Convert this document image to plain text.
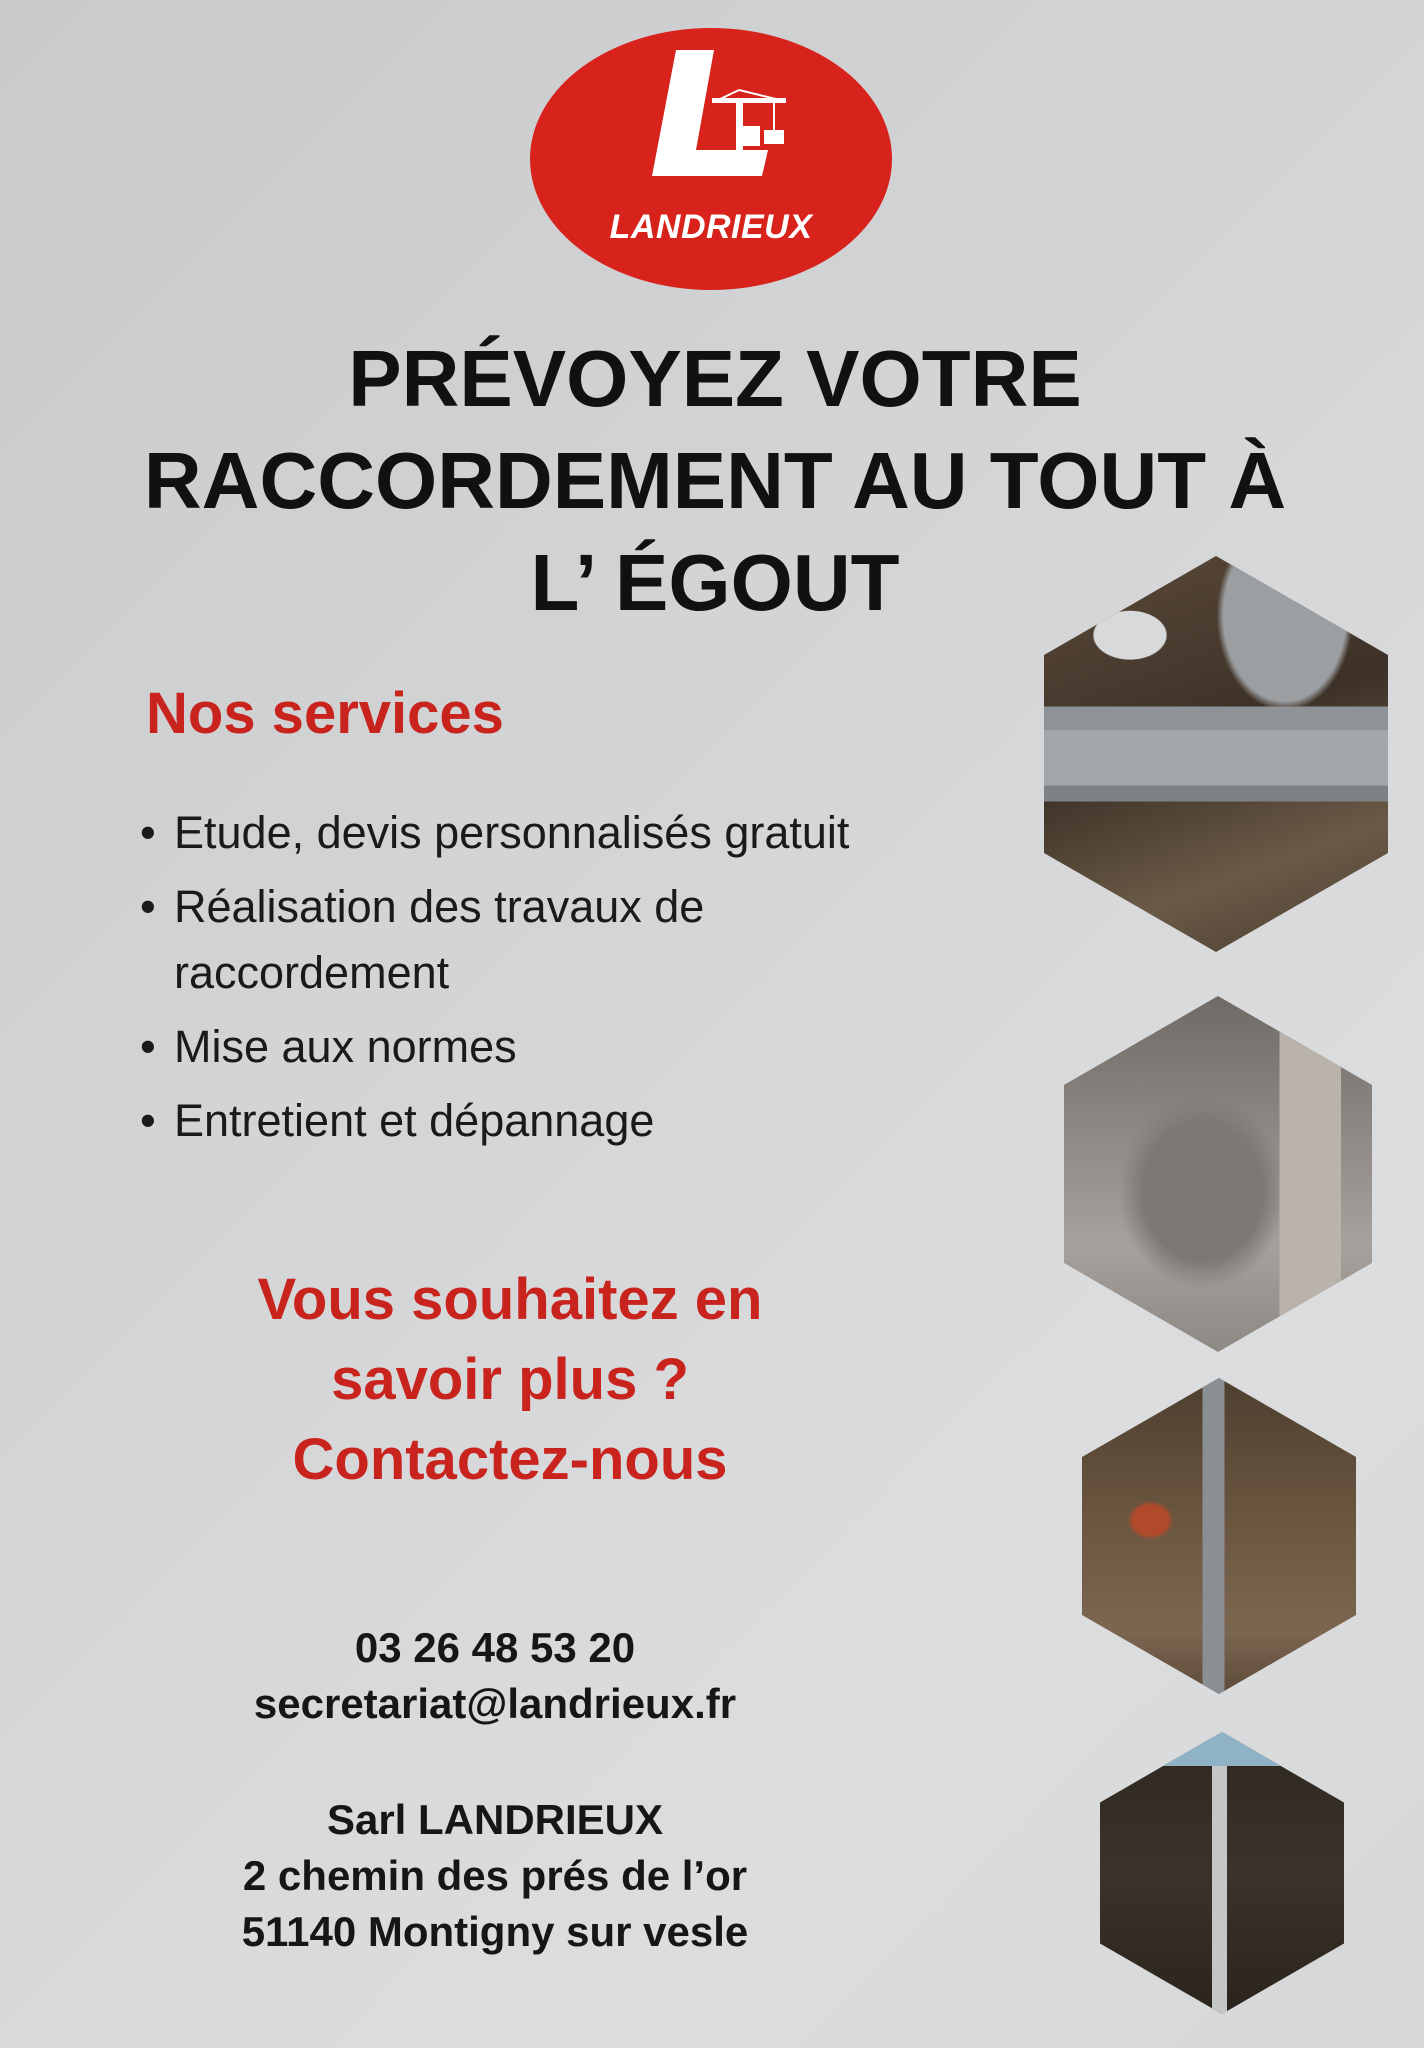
LANDRIEUX
PRÉVOYEZ VOTRE
RACCORDEMENT AU TOUT À
L’ ÉGOUT
Nos services
• Etude, devis personnalisés gratuit
• Réalisation des travaux de
raccordement
• Mise aux normes
• Entretient et dépannage
Vous souhaitez en
savoir plus ?
Contactez-nous
03 26 48 53 20
secretariat@landrieux.fr
Sarl LANDRIEUX
2 chemin des prés de l’or
51140 Montigny sur vesle
